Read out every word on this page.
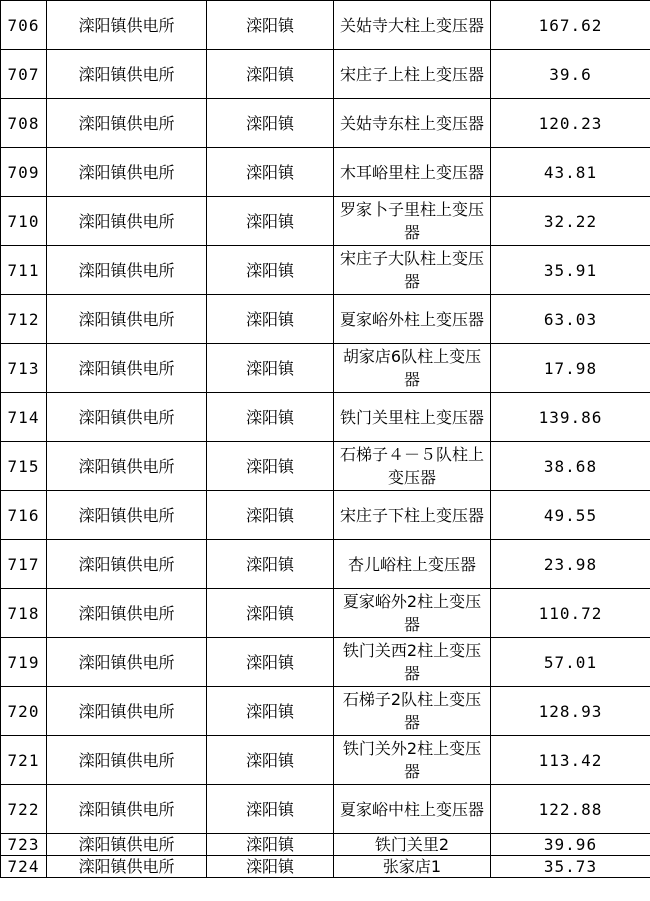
706	滦阳镇供电所	滦阳镇	关姑寺大柱上变压器	167.62
707	滦阳镇供电所	滦阳镇	宋庄子上柱上变压器	39.6
708	滦阳镇供电所	滦阳镇	关姑寺东柱上变压器	120.23
709	滦阳镇供电所	滦阳镇	木耳峪里柱上变压器	43.81
710	滦阳镇供电所	滦阳镇	罗家卜子里柱上变压器	32.22
711	滦阳镇供电所	滦阳镇	宋庄子大队柱上变压器	35.91
712	滦阳镇供电所	滦阳镇	夏家峪外柱上变压器	63.03
713	滦阳镇供电所	滦阳镇	胡家店6队柱上变压器	17.98
714	滦阳镇供电所	滦阳镇	铁门关里柱上变压器	139.86
715	滦阳镇供电所	滦阳镇	石梯子４－５队柱上变压器	38.68
716	滦阳镇供电所	滦阳镇	宋庄子下柱上变压器	49.55
717	滦阳镇供电所	滦阳镇	杏儿峪柱上变压器	23.98
718	滦阳镇供电所	滦阳镇	夏家峪外2柱上变压器	110.72
719	滦阳镇供电所	滦阳镇	铁门关西2柱上变压器	57.01
720	滦阳镇供电所	滦阳镇	石梯子2队柱上变压器	128.93
721	滦阳镇供电所	滦阳镇	铁门关外2柱上变压器	113.42
722	滦阳镇供电所	滦阳镇	夏家峪中柱上变压器	122.88
723	滦阳镇供电所	滦阳镇	铁门关里2	39.96
724	滦阳镇供电所	滦阳镇	张家店1	35.73
